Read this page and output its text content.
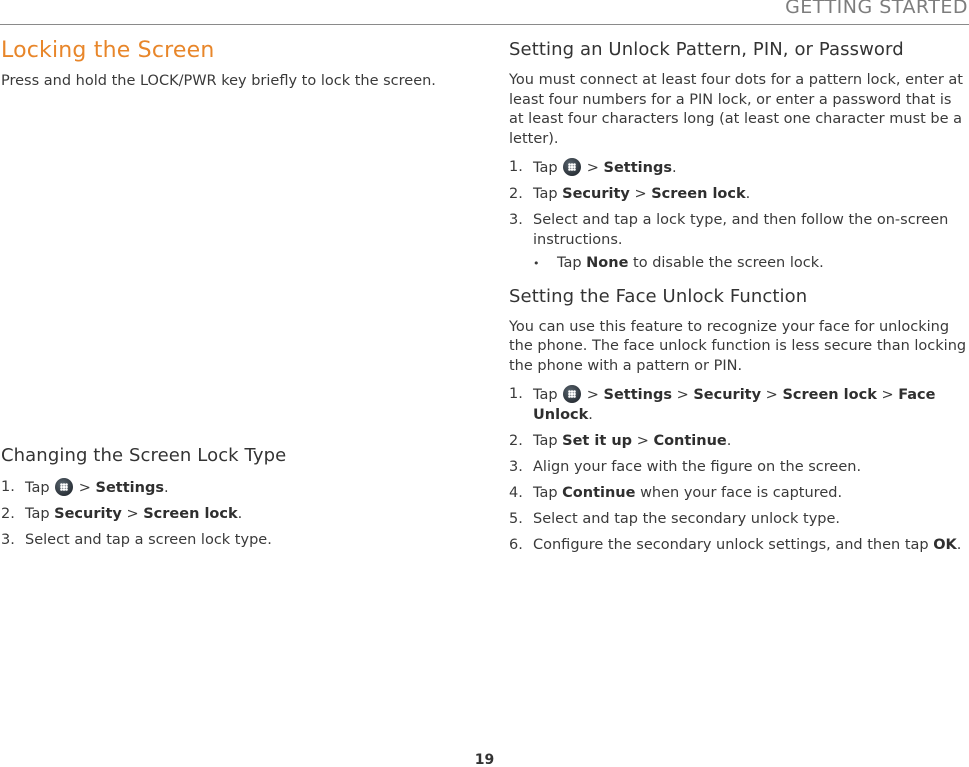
GETTING STARTED
Locking the Screen

Press and hold the LOCK/PWR key briefly to lock the screen.

Changing the Screen Lock Type
1. Tap > Settings.
2. Tap Security > Screen lock.
3. Select and tap a screen lock type.
Setting an Unlock Pattern, PIN, or Password

You must connect at least four dots for a pattern lock, enter at least four numbers for a PIN lock, or enter a password that is at least four characters long (at least one character must be a letter).

1. Tap > Settings.
2. Tap Security > Screen lock.
3. Select and tap a lock type, and then follow the on-screen instructions.
• Tap None to disable the screen lock.
Setting the Face Unlock Function

You can use this feature to recognize your face for unlocking the phone. The face unlock function is less secure than locking the phone with a pattern or PIN.

1. Tap > Settings > Security > Screen lock > Face Unlock.
2. Tap Set it up > Continue.
3. Align your face with the figure on the screen.
4. Tap Continue when your face is captured.
5. Select and tap the secondary unlock type.
6. Configure the secondary unlock settings, and then tap OK.
19
